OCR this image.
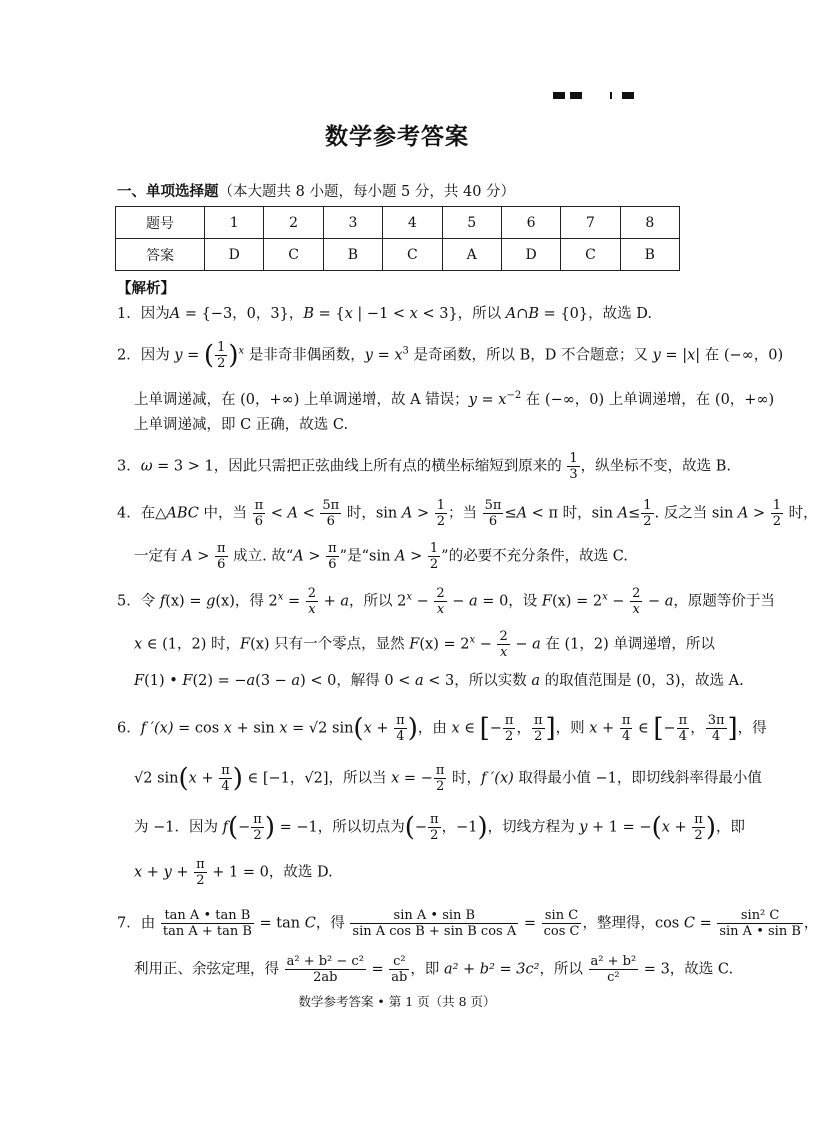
数学参考答案
一、单项选择题（本大题共 8 小题，每小题 5 分，共 40 分）
题号	1	2	3	4	5	6	7	8
答案	D	C	B	C	A	D	C	B
【解析】
1．因为A = {−3，0，3}，B = {x | −1 < x < 3}，所以 A∩B = {0}，故选 D.
2．因为 y = ( $\frac{1}{2} )^x$ 是非奇非偶函数，$y = x^3$ 是奇函数，所以 B，D 不合题意；又 y = |x| 在 (−∞，0)
上单调递减，在 (0，+∞) 上单调递增，故 A 错误；$y = x^{-2}$ 在 (−∞，0) 上单调递增，在 (0，+∞)
上单调递减，即 C 正确，故选 C.
3．ω = 3 > 1，因此只需把正弦曲线上所有点的横坐标缩短到原来的 $\frac{1}{3}$ ，纵坐标不变，故选 B.
4．在△ABC 中，当 $\frac{\pi}{6} < A < \frac{5\pi}{6}$ 时，$\sin A > \frac{1}{2}$ ；当 $\frac{5\pi}{6} \le A < \pi$ 时，$\sin A\le \frac{1}{2}$ . 反之当 $\sin A > \frac{1}{2}$ 时，
一定有 $A > \frac{\pi}{6}$ 成立. 故“$A > \frac{\pi}{6}$ ”是“sin $A > \frac{1}{2}$ ”的必要不充分条件，故选 C.
5．令 f(x) = g(x)，得 $2^x = \frac{2}{x} + a$，所以 $2^x - \frac{2}{x} - a = 0$，设 $F(x) = 2^x - \frac{2}{x} - a$，原题等价于当
x ∈ (1，2) 时，F(x) 只有一个零点，显然 $F(x) = 2^x - \frac{2}{x} - a$ 在 (1，2) 单调递增，所以
F(1) • F(2) = −a(3 − a) < 0，解得 0 < a < 3，所以实数 a 的取值范围是 (0，3)，故选 A.
6．f ′(x) = cos x + sin x = √2 $\sin(x + \frac{\pi}{4}$ )，由 x ∈ [− $\frac{\pi}{2}$ ， $\frac{\pi}{2}$ ]，则 $x + \frac{\pi}{4}$ ∈ [− $\frac{\pi}{4}$ ， $\frac{3\pi}{4}$ ]，得
√2 $\sin(x + \frac{\pi}{4}$ ) ∈ [−1，√2]，所以当 x = − $\frac{\pi}{2}$ 时，f ′(x) 取得最小值 −1，即切线斜率得最小值
为 −1．因为 $f(- \frac{\pi}{2}$ ) = −1，所以切点为(− $\frac{\pi}{2}$ ，−1)，切线方程为 $y + 1 = -(x + \frac{\pi}{2}$ )，即
$x + y + \frac{\pi}{2} + 1 = 0$，故选 D.
7．由 $\frac{\text{tan A • tan B}}{\text{tan A + tan B}} = \tan C$，得 $\frac{\text{sin A • sin B}}{\text{sin A cos B + sin B cos A}} = \frac{\text{sin C}}{\text{cos C}}$ ，整理得，$\cos C = \frac{\text{sin² C}}{\text{sin A • sin B}}$ ，
利用正、余弦定理，得 $\frac{\text{a² + b² − c²}}{2ab} = \frac{\text{c²}}{ab}$ ，即 a² + b² = 3c²，所以 $\frac{\text{a² + b²}}{\text{c²}} = 3$，故选 C.
数学参考答案 • 第 1 页（共 8 页）
